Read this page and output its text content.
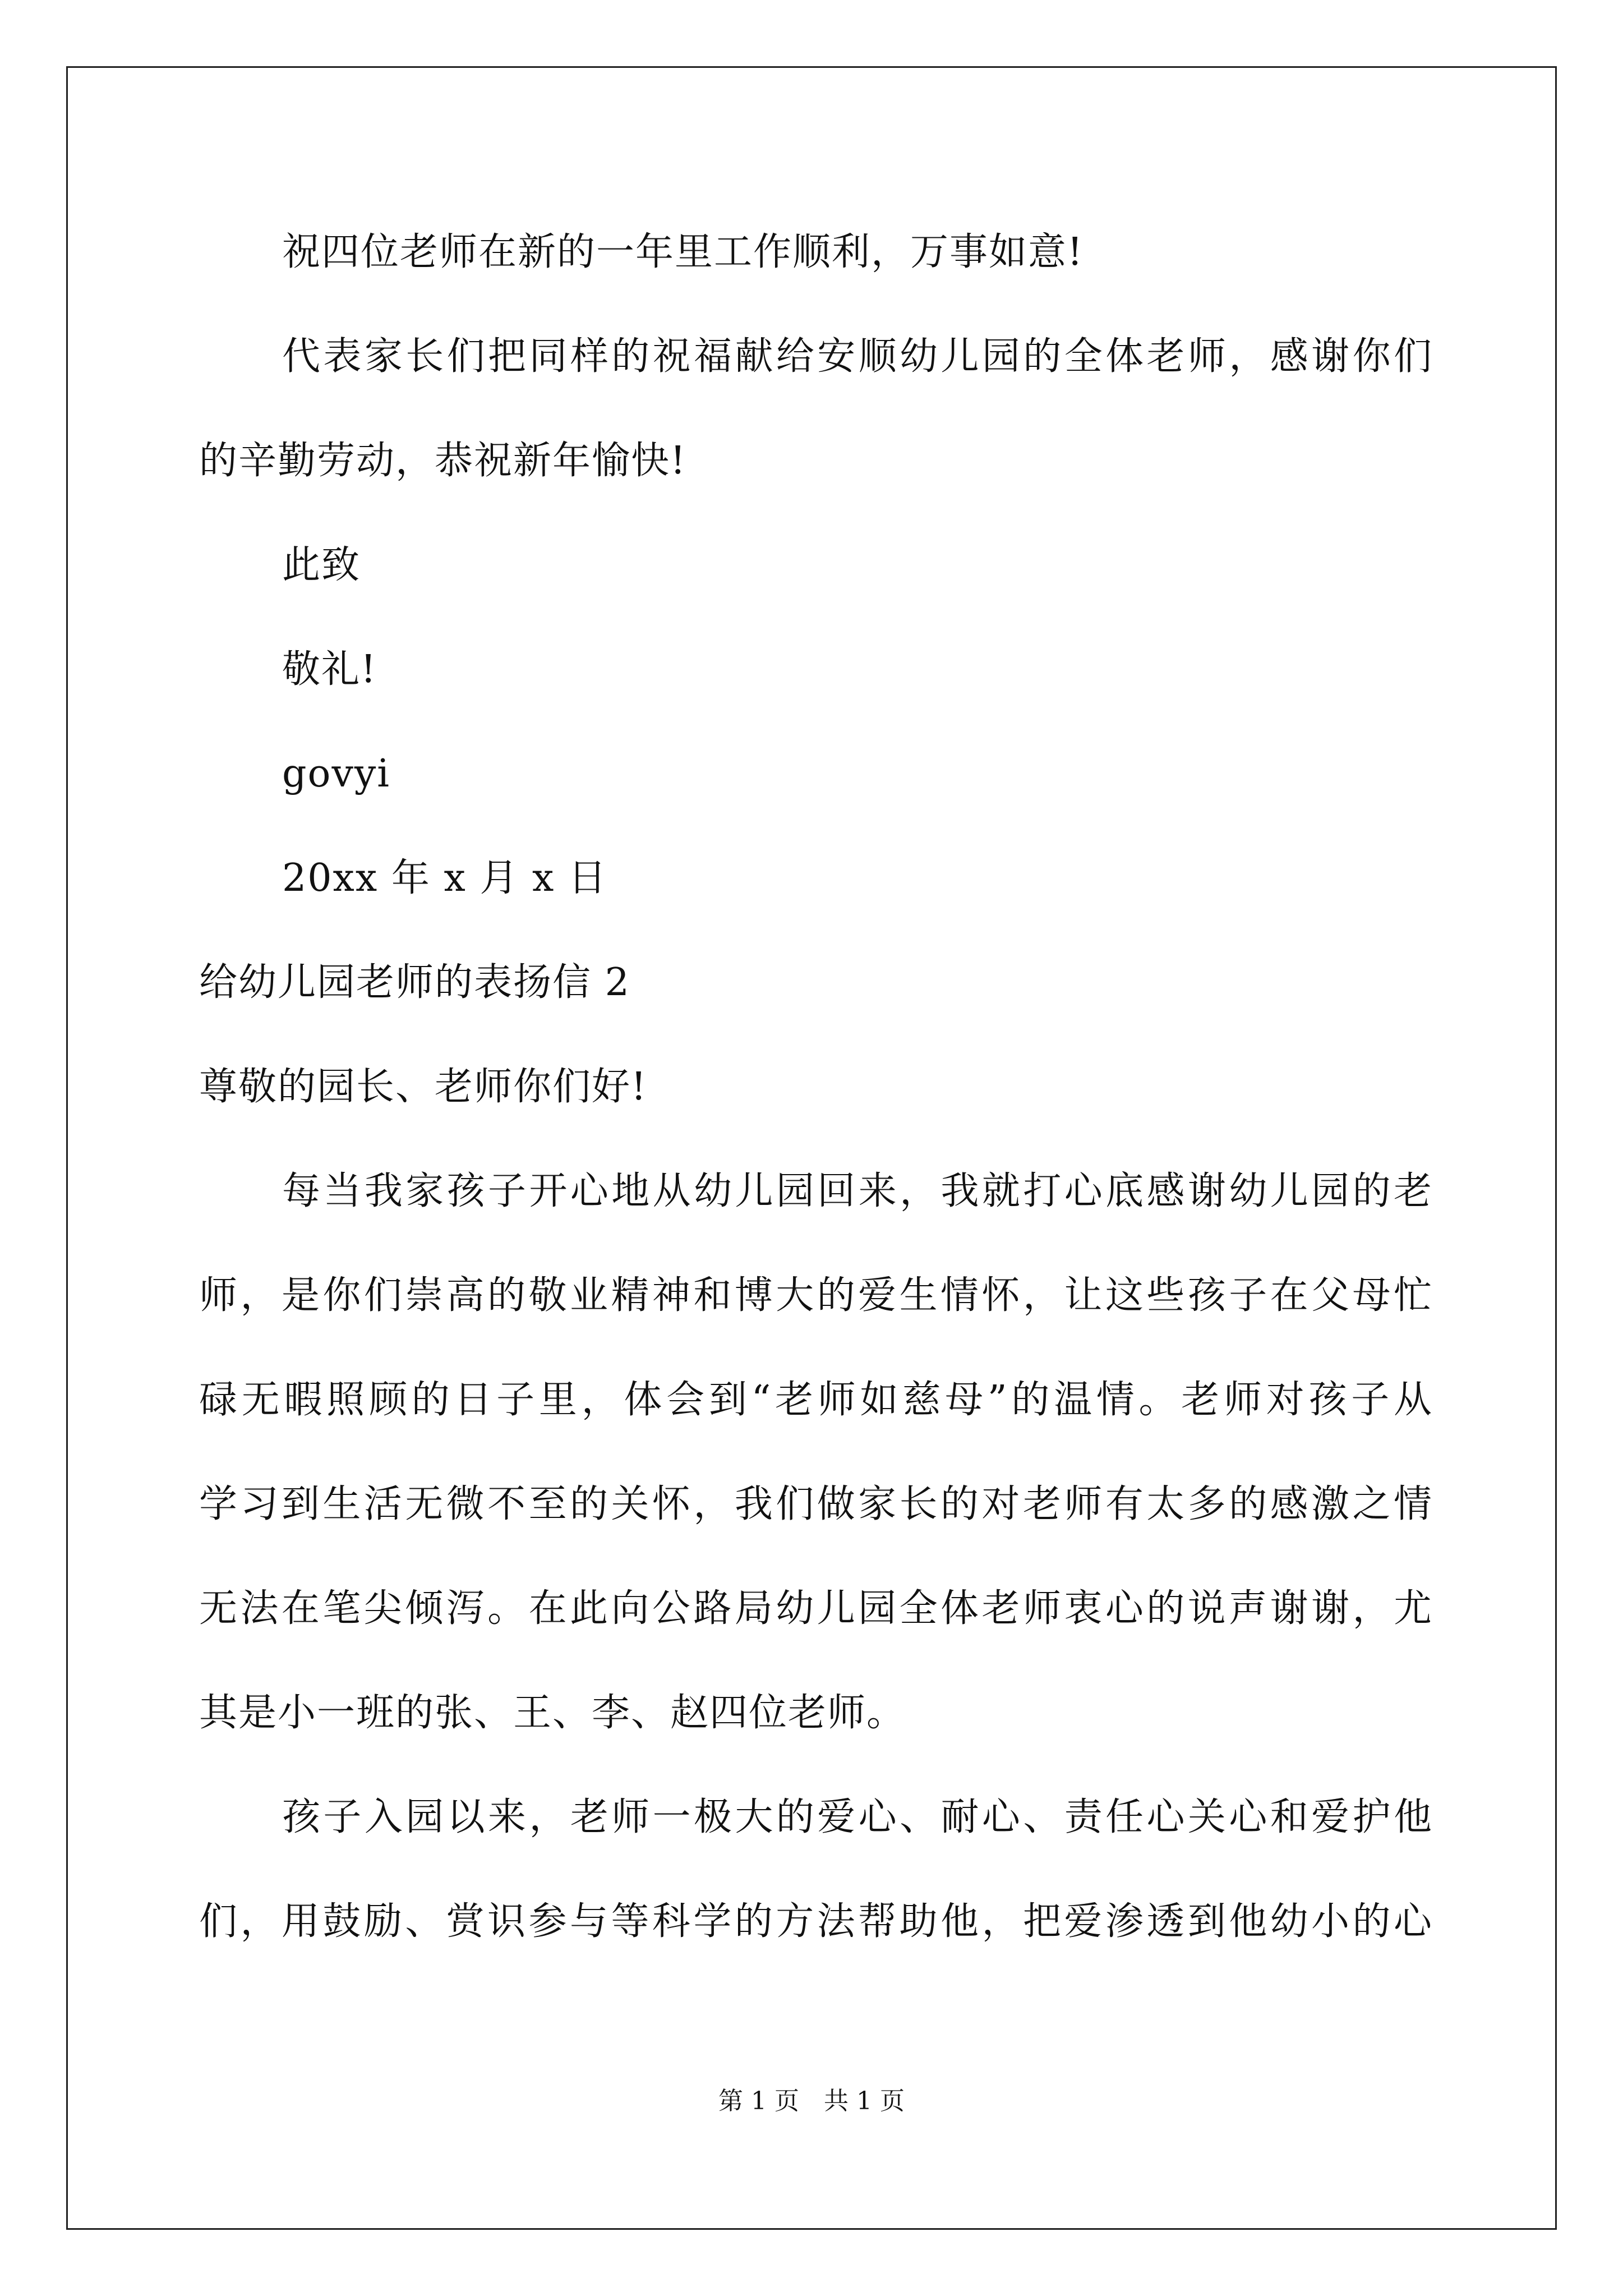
祝四位老师在新的一年里工作顺利，万事如意!
代表家长们把同样的祝福献给安顺幼儿园的全体老师，感谢你们
的辛勤劳动，恭祝新年愉快!
此致
敬礼!
govyi
20xx 年 x 月 x 日
给幼儿园老师的表扬信 2
尊敬的园长、老师你们好!
每当我家孩子开心地从幼儿园回来，我就打心底感谢幼儿园的老
师，是你们崇高的敬业精神和博大的爱生情怀，让这些孩子在父母忙
碌无暇照顾的日子里，体会到“老师如慈母”的温情。老师对孩子从
学习到生活无微不至的关怀，我们做家长的对老师有太多的感激之情
无法在笔尖倾泻。在此向公路局幼儿园全体老师衷心的说声谢谢，尤
其是小一班的张、王、李、赵四位老师。
孩子入园以来，老师一极大的爱心、耐心、责任心关心和爱护他
们，用鼓励、赏识参与等科学的方法帮助他，把爱渗透到他幼小的心
第 1 页　共 1 页
